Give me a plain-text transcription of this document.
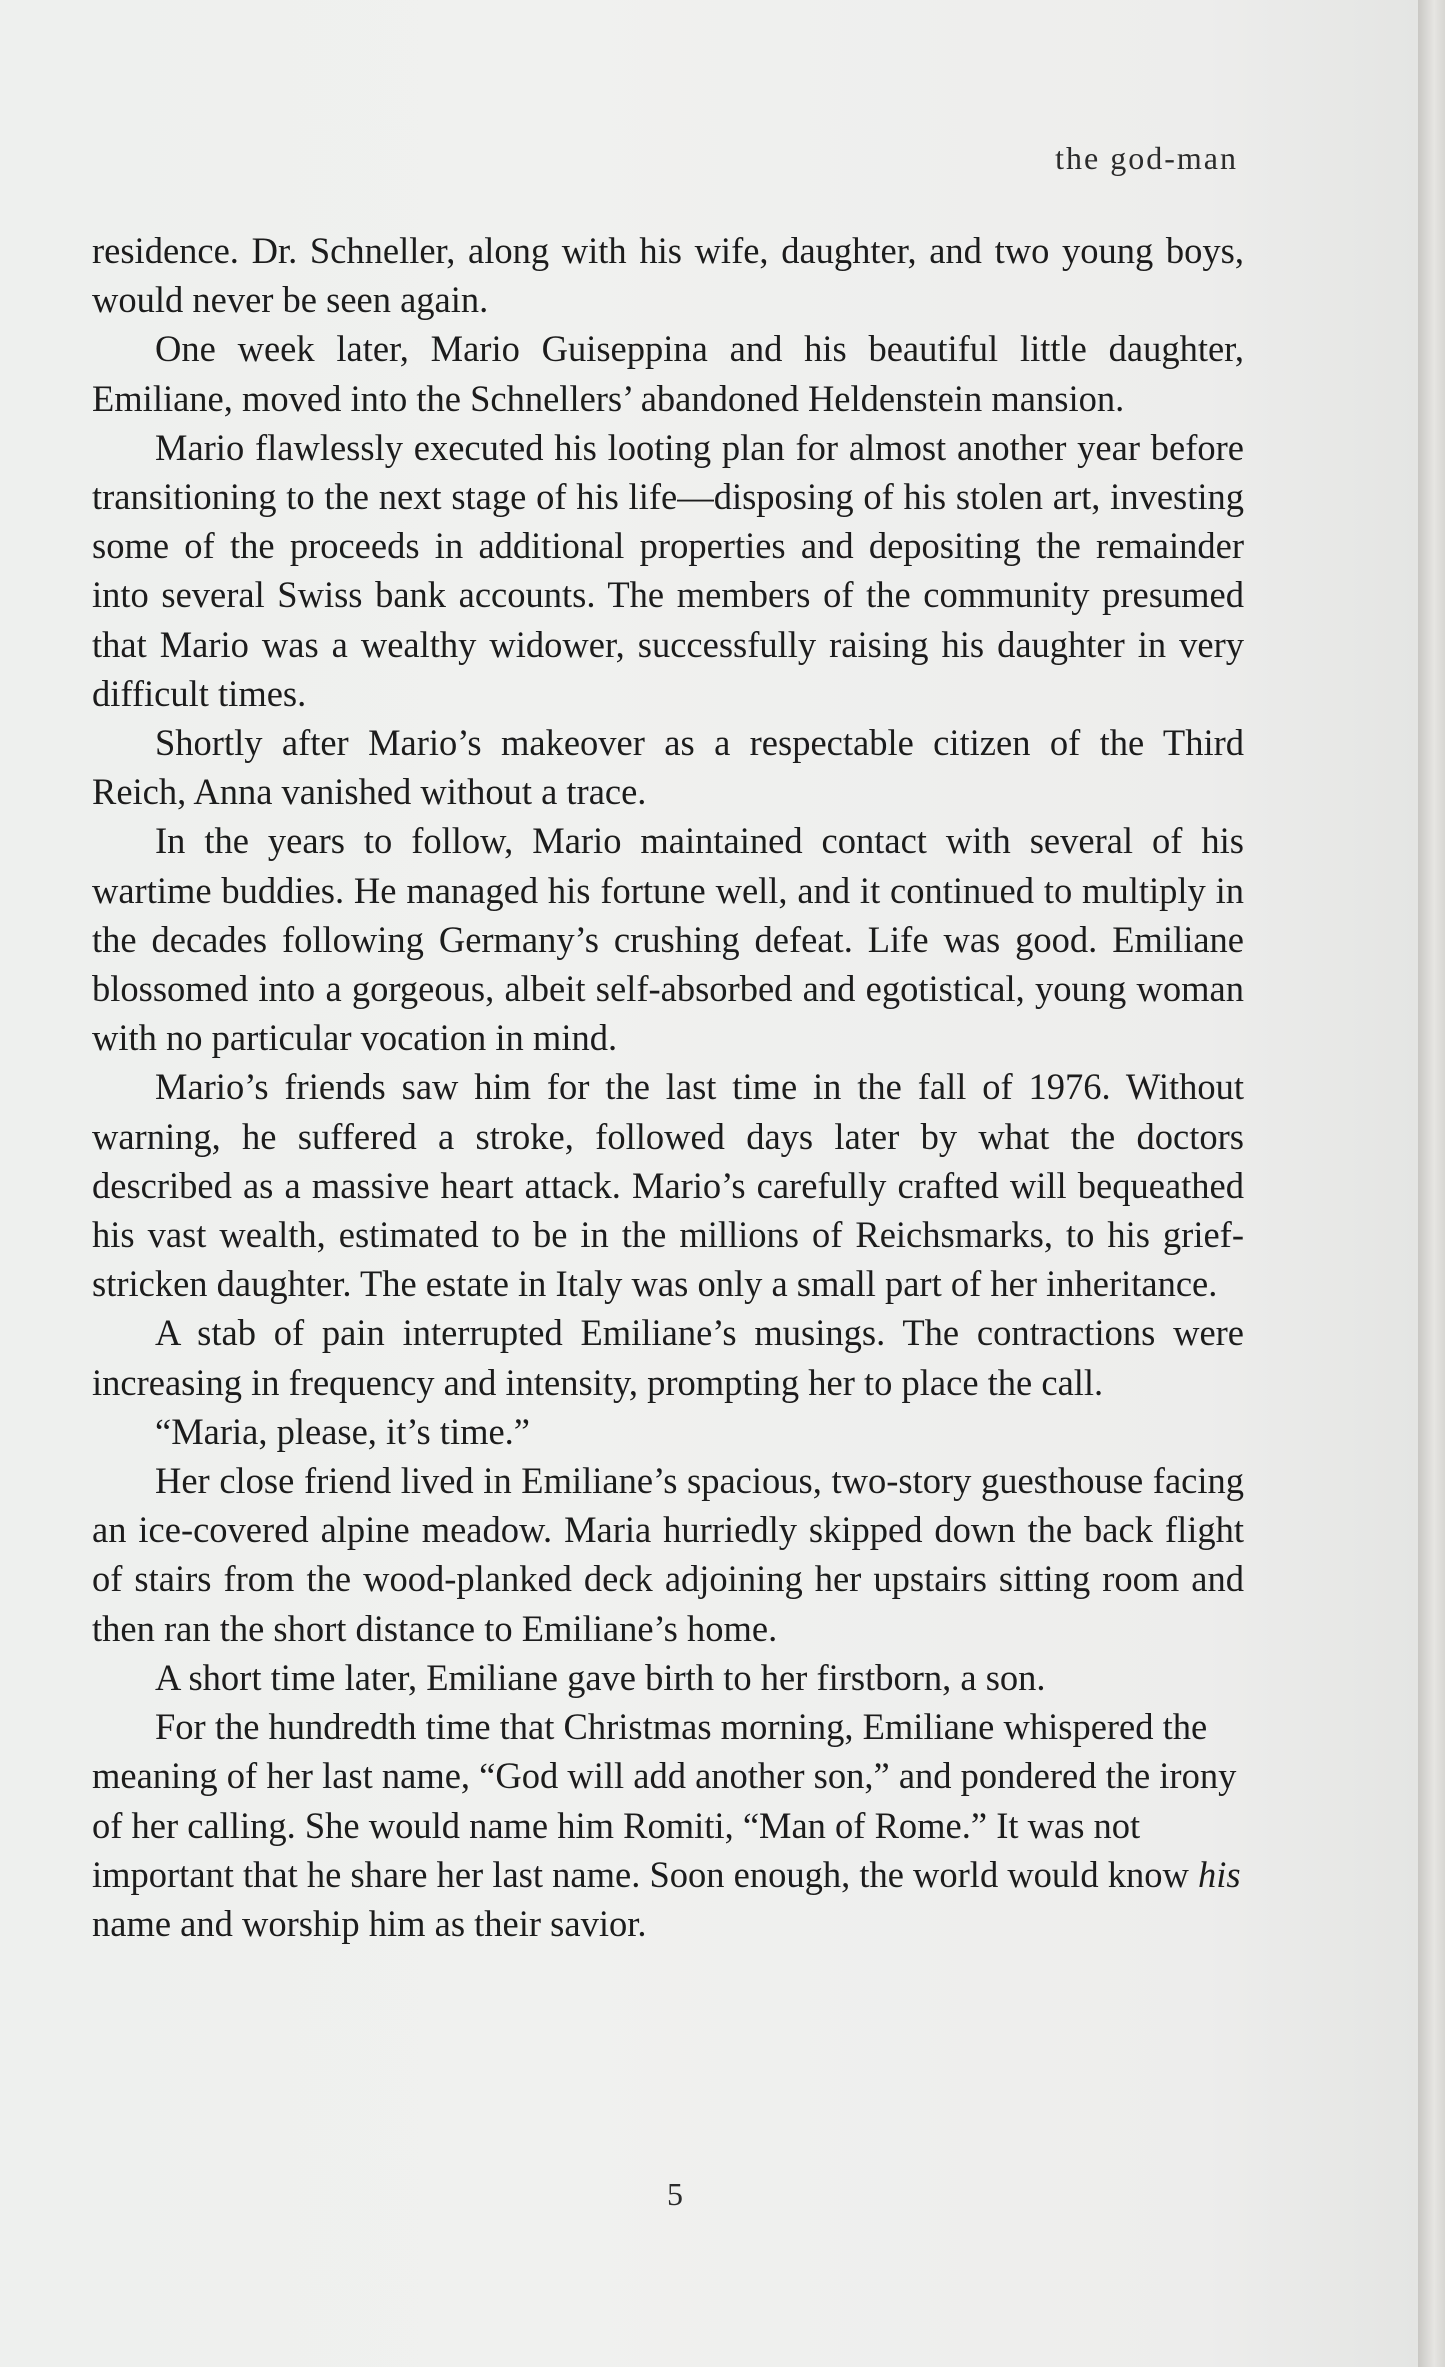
the god-man

residence. Dr. Schneller, along with his wife, daughter, and two young boys, would never be seen again.

One week later, Mario Guiseppina and his beautiful little daughter, Emiliane, moved into the Schnellers’ abandoned Heldenstein mansion.

Mario flawlessly executed his looting plan for almost another year before transitioning to the next stage of his life—disposing of his stolen art, investing some of the proceeds in additional properties and depositing the remainder into several Swiss bank accounts. The members of the community presumed that Mario was a wealthy widower, successfully raising his daughter in very difficult times.

Shortly after Mario’s makeover as a respectable citizen of the Third Reich, Anna vanished without a trace.

In the years to follow, Mario maintained contact with several of his wartime buddies. He managed his fortune well, and it continued to multiply in the decades following Germany’s crushing defeat. Life was good. Emiliane blossomed into a gorgeous, albeit self-absorbed and egotistical, young woman with no particular vocation in mind.

Mario’s friends saw him for the last time in the fall of 1976. Without warning, he suffered a stroke, followed days later by what the doctors described as a massive heart attack. Mario’s carefully crafted will bequeathed his vast wealth, estimated to be in the millions of Reichsmarks, to his grief-stricken daughter. The estate in Italy was only a small part of her inheritance.

A stab of pain interrupted Emiliane’s musings. The contractions were increasing in frequency and intensity, prompting her to place the call.

“Maria, please, it’s time.”

Her close friend lived in Emiliane’s spacious, two-story guesthouse facing an ice-covered alpine meadow. Maria hurriedly skipped down the back flight of stairs from the wood-planked deck adjoining her upstairs sitting room and then ran the short distance to Emiliane’s home.

A short time later, Emiliane gave birth to her firstborn, a son.

For the hundredth time that Christmas morning, Emiliane whispered the meaning of her last name, “God will add another son,” and pondered the irony of her calling. She would name him Romiti, “Man of Rome.” It was not important that he share her last name. Soon enough, the world would know his name and worship him as their savior.

5
